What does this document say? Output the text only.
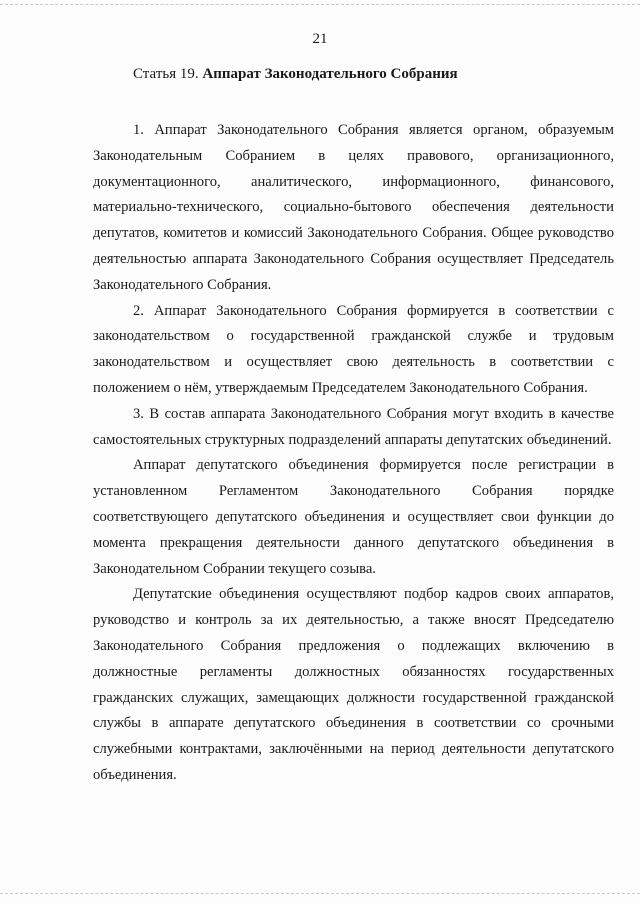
21
Статья 19. Аппарат Законодательного Собрания

1. Аппарат Законодательного Собрания является органом, образуемым Законодательным Собранием в целях правового, организационного, документационного, аналитического, информационного, финансового, материально-технического, социально-бытового обеспечения деятельности депутатов, комитетов и комиссий Законодательного Собрания. Общее руководство деятельностью аппарата Законодательного Собрания осуществляет Председатель Законодательного Собрания.

2. Аппарат Законодательного Собрания формируется в соответствии с законодательством о государственной гражданской службе и трудовым законодательством и осуществляет свою деятельность в соответствии с положением о нём, утверждаемым Председателем Законодательного Собрания.

3. В состав аппарата Законодательного Собрания могут входить в качестве самостоятельных структурных подразделений аппараты депутатских объединений.

Аппарат депутатского объединения формируется после регистрации в установленном Регламентом Законодательного Собрания порядке соответствующего депутатского объединения и осуществляет свои функции до момента прекращения деятельности данного депутатского объединения в Законодательном Собрании текущего созыва.

Депутатские объединения осуществляют подбор кадров своих аппаратов, руководство и контроль за их деятельностью, а также вносят Председателю Законодательного Собрания предложения о подлежащих включению в должностные регламенты должностных обязанностях государственных гражданских служащих, замещающих должности государственной гражданской службы в аппарате депутатского объединения в соответствии со срочными служебными контрактами, заключёнными на период деятельности депутатского объединения.
